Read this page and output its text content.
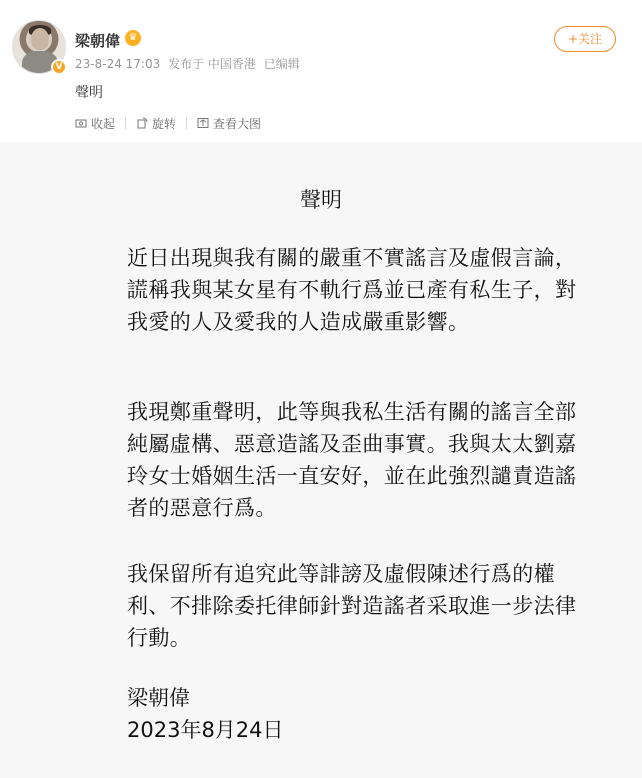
V
梁朝偉 ♛
23-8-24 17:03 发布于 中国香港 已编辑
+关注
聲明
收起	旋转	查看大图
聲明
近日出現與我有關的嚴重不實謠言及虛假言論，謊稱我與某女星有不軌行爲並已產有私生子，對我愛的人及愛我的人造成嚴重影響。
我現鄭重聲明，此等與我私生活有關的謠言全部純屬虛構、惡意造謠及歪曲事實。我與太太劉嘉玲女士婚姻生活一直安好，並在此強烈譴責造謠者的惡意行爲。
我保留所有追究此等誹謗及虛假陳述行爲的權利、不排除委托律師針對造謠者采取進一步法律行動。
梁朝偉
2023年8月24日
